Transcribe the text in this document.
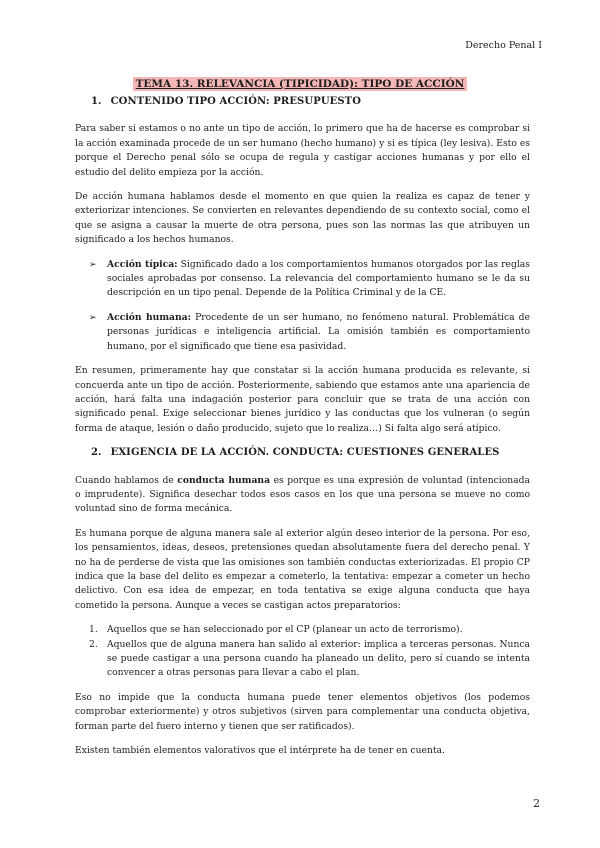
Derecho Penal I
TEMA 13. RELEVANCIA (TIPICIDAD): TIPO DE ACCIÓN
1. CONTENIDO TIPO ACCIÓN: PRESUPUESTO

Para saber si estamos o no ante un tipo de acción, lo primero que ha de hacerse es comprobar si la acción examinada procede de un ser humano (hecho humano) y si es típica (ley lesiva). Esto es porque el Derecho penal sólo se ocupa de regula y castigar acciones humanas y por ello el estudio del delito empieza por la acción.

De acción humana hablamos desde el momento en que quien la realiza es capaz de tener y exteriorizar intenciones. Se convierten en relevantes dependiendo de su contexto social, como el que se asigna a causar la muerte de otra persona, pues son las normas las que atribuyen un significado a los hechos humanos.

➢ Acción típica: Significado dado a los comportamientos humanos otorgados por las reglas sociales aprobadas por consenso. La relevancia del comportamiento humano se le da su descripción en un tipo penal. Depende de la Política Criminal y de la CE.
➢ Acción humana: Procedente de un ser humano, no fenómeno natural. Problemática de personas jurídicas e inteligencia artificial. La omisión también es comportamiento humano, por el significado que tiene esa pasividad.

En resumen, primeramente hay que constatar si la acción humana producida es relevante, si concuerda ante un tipo de acción. Posteriormente, sabiendo que estamos ante una apariencia de acción, hará falta una indagación posterior para concluir que se trata de una acción con significado penal. Exige seleccionar bienes jurídico y las conductas que los vulneran (o según forma de ataque, lesión o daño producido, sujeto que lo realiza…) Si falta algo será atípico.

2. EXIGENCIA DE LA ACCIÓN. CONDUCTA: CUESTIONES GENERALES

Cuando hablamos de conducta humana es porque es una expresión de voluntad (intencionada o imprudente). Significa desechar todos esos casos en los que una persona se mueve no como voluntad sino de forma mecánica.

Es humana porque de alguna manera sale al exterior algún deseo interior de la persona. Por eso, los pensamientos, ideas, deseos, pretensiones quedan absolutamente fuera del derecho penal. Y no ha de perderse de vista que las omisiones son también conductas exteriorizadas. El propio CP indica que la base del delito es empezar a cometerlo, la tentativa: empezar a cometer un hecho delictivo. Con esa idea de empezar, en toda tentativa se exige alguna conducta que haya cometido la persona. Aunque a veces se castigan actos preparatorios:

1. Aquellos que se han seleccionado por el CP (planear un acto de terrorismo).
2. Aquellos que de alguna manera han salido al exterior: implica a terceras personas. Nunca se puede castigar a una persona cuando ha planeado un delito, pero sí cuando se intenta convencer a otras personas para llevar a cabo el plan.

Eso no impide que la conducta humana puede tener elementos objetivos (los podemos comprobar exteriormente) y otros subjetivos (sirven para complementar una conducta objetiva, forman parte del fuero interno y tienen que ser ratificados).

Existen también elementos valorativos que el intérprete ha de tener en cuenta.

2
